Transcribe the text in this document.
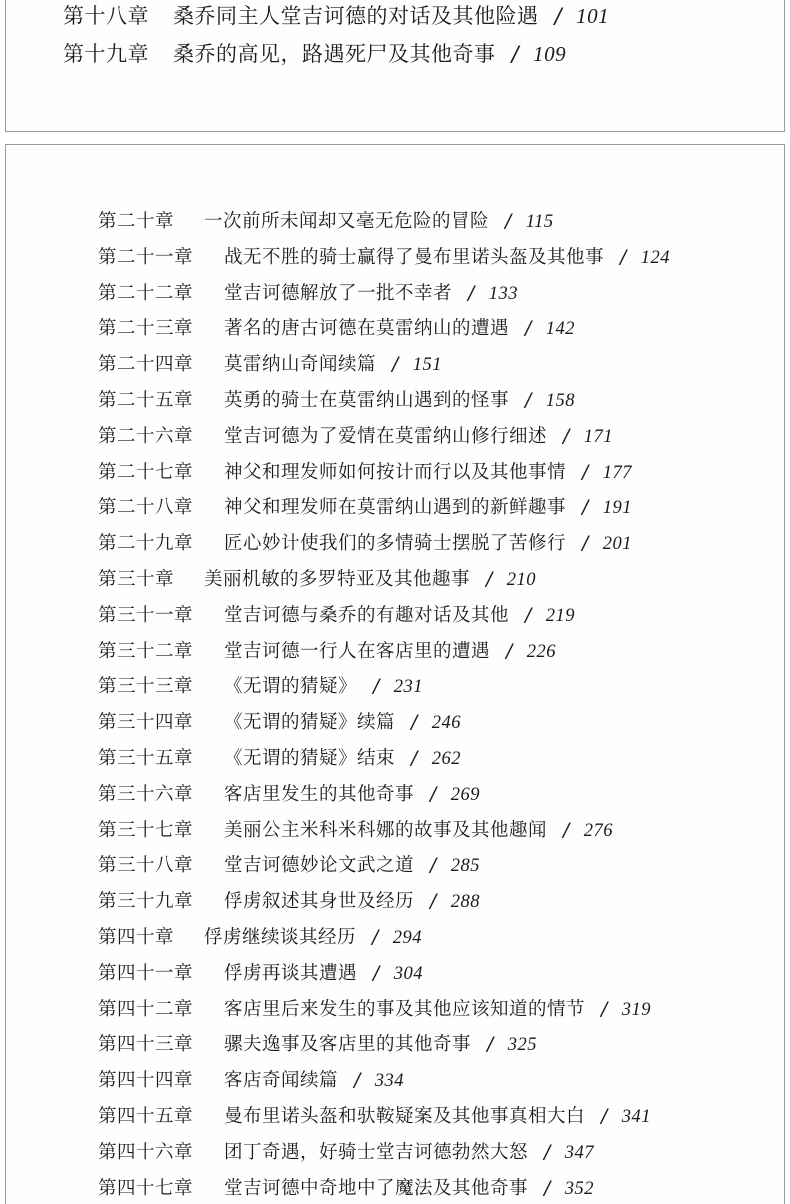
第十八章	桑乔同主人堂吉诃德的对话及其他险遇 / 101
第十九章	桑乔的高见，路遇死尸及其他奇事 / 109
第二十章	一次前所未闻却又毫无危险的冒险 / 115
第二十一章	战无不胜的骑士赢得了曼布里诺头盔及其他事 / 124
第二十二章	堂吉诃德解放了一批不幸者 / 133
第二十三章	著名的唐古诃德在莫雷纳山的遭遇 / 142
第二十四章	莫雷纳山奇闻续篇 / 151
第二十五章	英勇的骑士在莫雷纳山遇到的怪事 / 158
第二十六章	堂吉诃德为了爱情在莫雷纳山修行细述 / 171
第二十七章	神父和理发师如何按计而行以及其他事情 / 177
第二十八章	神父和理发师在莫雷纳山遇到的新鲜趣事 / 191
第二十九章	匠心妙计使我们的多情骑士摆脱了苦修行 / 201
第三十章	美丽机敏的多罗特亚及其他趣事 / 210
第三十一章	堂吉诃德与桑乔的有趣对话及其他 / 219
第三十二章	堂吉诃德一行人在客店里的遭遇 / 226
第三十三章	《无谓的猜疑》 / 231
第三十四章	《无谓的猜疑》续篇 / 246
第三十五章	《无谓的猜疑》结束 / 262
第三十六章	客店里发生的其他奇事 / 269
第三十七章	美丽公主米科米科娜的故事及其他趣闻 / 276
第三十八章	堂吉诃德妙论文武之道 / 285
第三十九章	俘虏叙述其身世及经历 / 288
第四十章	俘虏继续谈其经历 / 294
第四十一章	俘虏再谈其遭遇 / 304
第四十二章	客店里后来发生的事及其他应该知道的情节 / 319
第四十三章	骡夫逸事及客店里的其他奇事 / 325
第四十四章	客店奇闻续篇 / 334
第四十五章	曼布里诺头盔和驮鞍疑案及其他事真相大白 / 341
第四十六章	团丁奇遇，好骑士堂吉诃德勃然大怒 / 347
第四十七章	堂吉诃德中奇地中了魔法及其他奇事 / 352
